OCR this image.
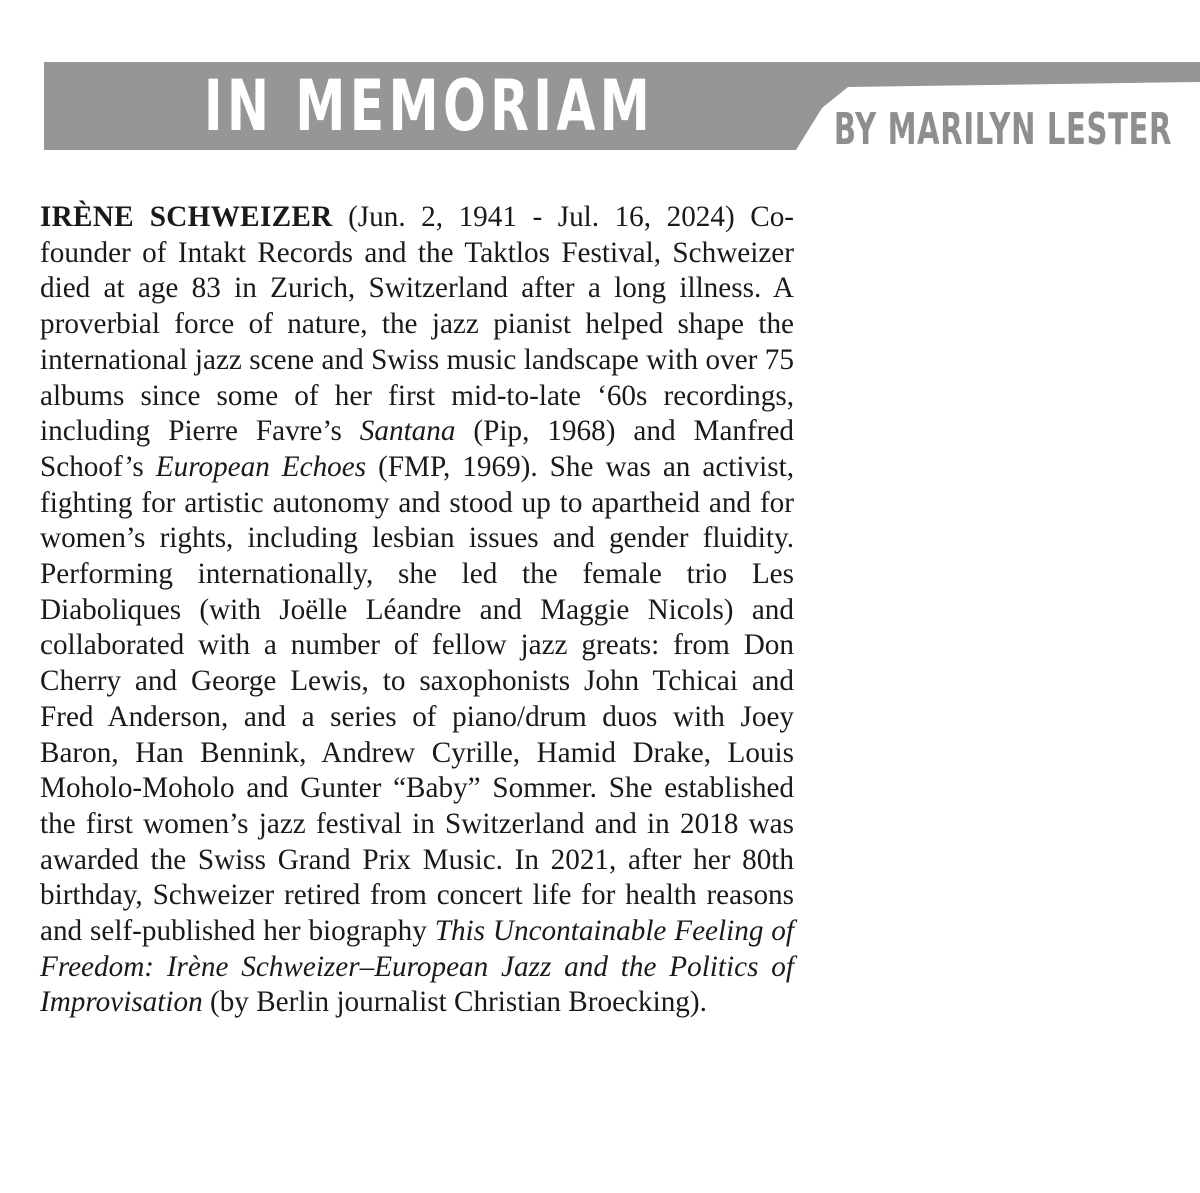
IN MEMORIAM	BY MARILYN LESTER
IRÈNE SCHWEIZER (Jun. 2, 1941 - Jul. 16, 2024) Co-founder of Intakt Records and the Taktlos Festival, Schweizer died at age 83 in Zurich, Switzerland after a long illness. A proverbial force of nature, the jazz pianist helped shape the international jazz scene and Swiss music landscape with over 75 albums since some of her first mid-to-late ‘60s recordings, including Pierre Favre’s Santana (Pip, 1968) and Manfred Schoof’s European Echoes (FMP, 1969). She was an activist, fighting for artistic autonomy and stood up to apartheid and for women’s rights, including lesbian issues and gender fluidity. Performing internationally, she led the female trio Les Diaboliques (with Joëlle Léandre and Maggie Nicols) and collaborated with a number of fellow jazz greats: from Don Cherry and George Lewis, to saxophonists John Tchicai and Fred Anderson, and a series of piano/drum duos with Joey Baron, Han Bennink, Andrew Cyrille, Hamid Drake, Louis Moholo-Moholo and Gunter “Baby” Sommer. She established the first women’s jazz festival in Switzerland and in 2018 was awarded the Swiss Grand Prix Music. In 2021, after her 80th birthday, Schweizer retired from concert life for health reasons and self-published her biography This Uncontainable Feeling of Freedom: Irène Schweizer–European Jazz and the Politics of Improvisation (by Berlin journalist Christian Broecking).
